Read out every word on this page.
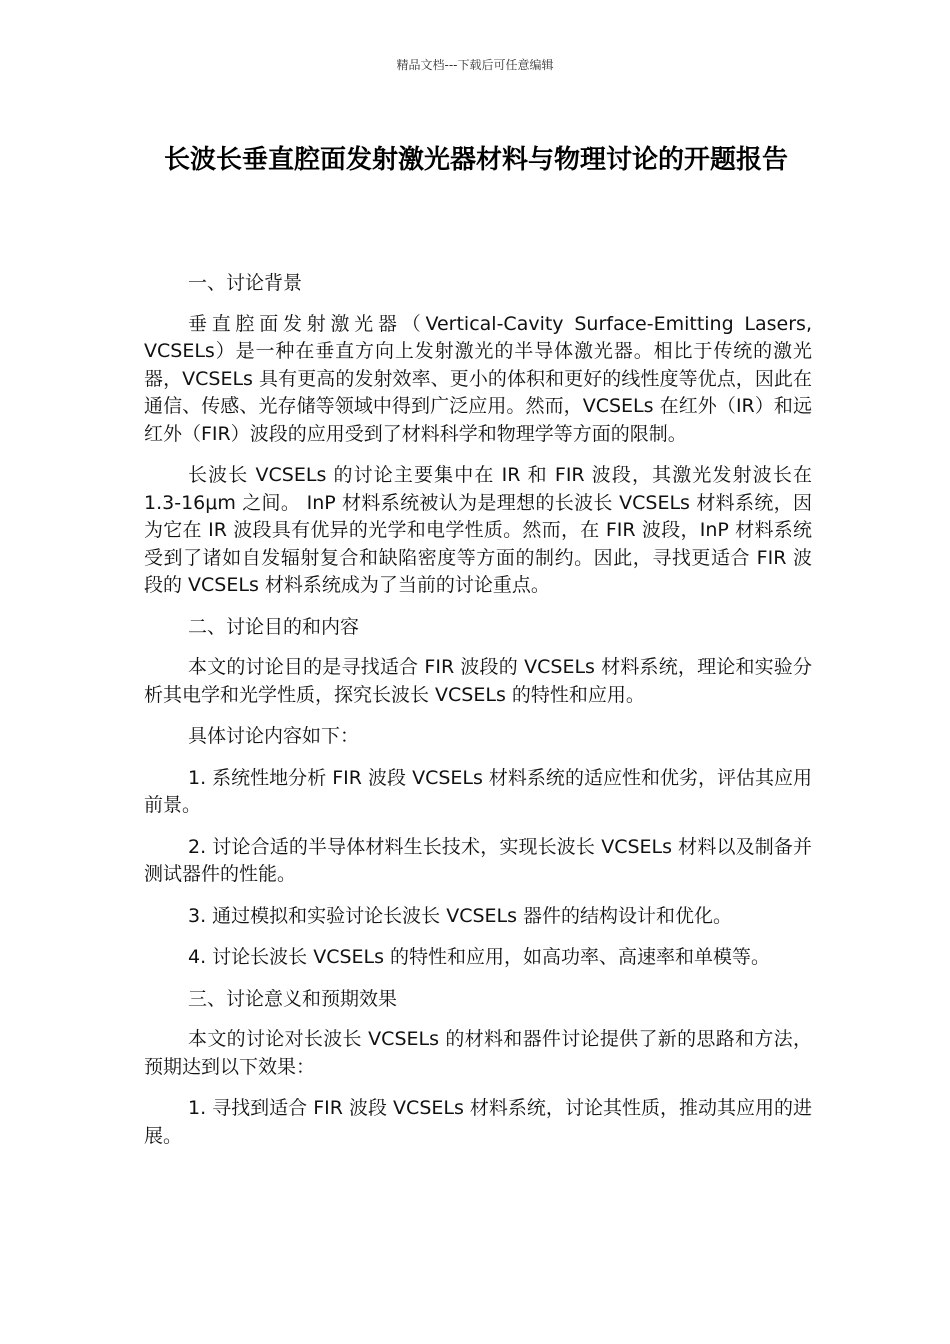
精品文档---下载后可任意编辑
长波长垂直腔面发射激光器材料与物理讨论的开题报告

一、讨论背景

垂直腔面发射激光器（Vertical-Cavity Surface-Emitting Lasers, VCSELs）是一种在垂直方向上发射激光的半导体激光器。相比于传统的激光器，VCSELs 具有更高的发射效率、更小的体积和更好的线性度等优点，因此在通信、传感、光存储等领域中得到广泛应用。然而，VCSELs 在红外（IR）和远红外（FIR）波段的应用受到了材料科学和物理学等方面的限制。

长波长 VCSELs 的讨论主要集中在 IR 和 FIR 波段，其激光发射波长在 1.3-16μm 之间。 InP 材料系统被认为是理想的长波长 VCSELs 材料系统，因为它在 IR 波段具有优异的光学和电学性质。然而，在 FIR 波段，InP 材料系统受到了诸如自发辐射复合和缺陷密度等方面的制约。因此，寻找更适合 FIR 波段的 VCSELs 材料系统成为了当前的讨论重点。

二、讨论目的和内容

本文的讨论目的是寻找适合 FIR 波段的 VCSELs 材料系统，理论和实验分析其电学和光学性质，探究长波长 VCSELs 的特性和应用。

具体讨论内容如下：

1. 系统性地分析 FIR 波段 VCSELs 材料系统的适应性和优劣，评估其应用前景。

2. 讨论合适的半导体材料生长技术，实现长波长 VCSELs 材料以及制备并测试器件的性能。

3. 通过模拟和实验讨论长波长 VCSELs 器件的结构设计和优化。

4. 讨论长波长 VCSELs 的特性和应用，如高功率、高速率和单模等。

三、讨论意义和预期效果

本文的讨论对长波长 VCSELs 的材料和器件讨论提供了新的思路和方法，预期达到以下效果：

1. 寻找到适合 FIR 波段 VCSELs 材料系统，讨论其性质，推动其应用的进展。
